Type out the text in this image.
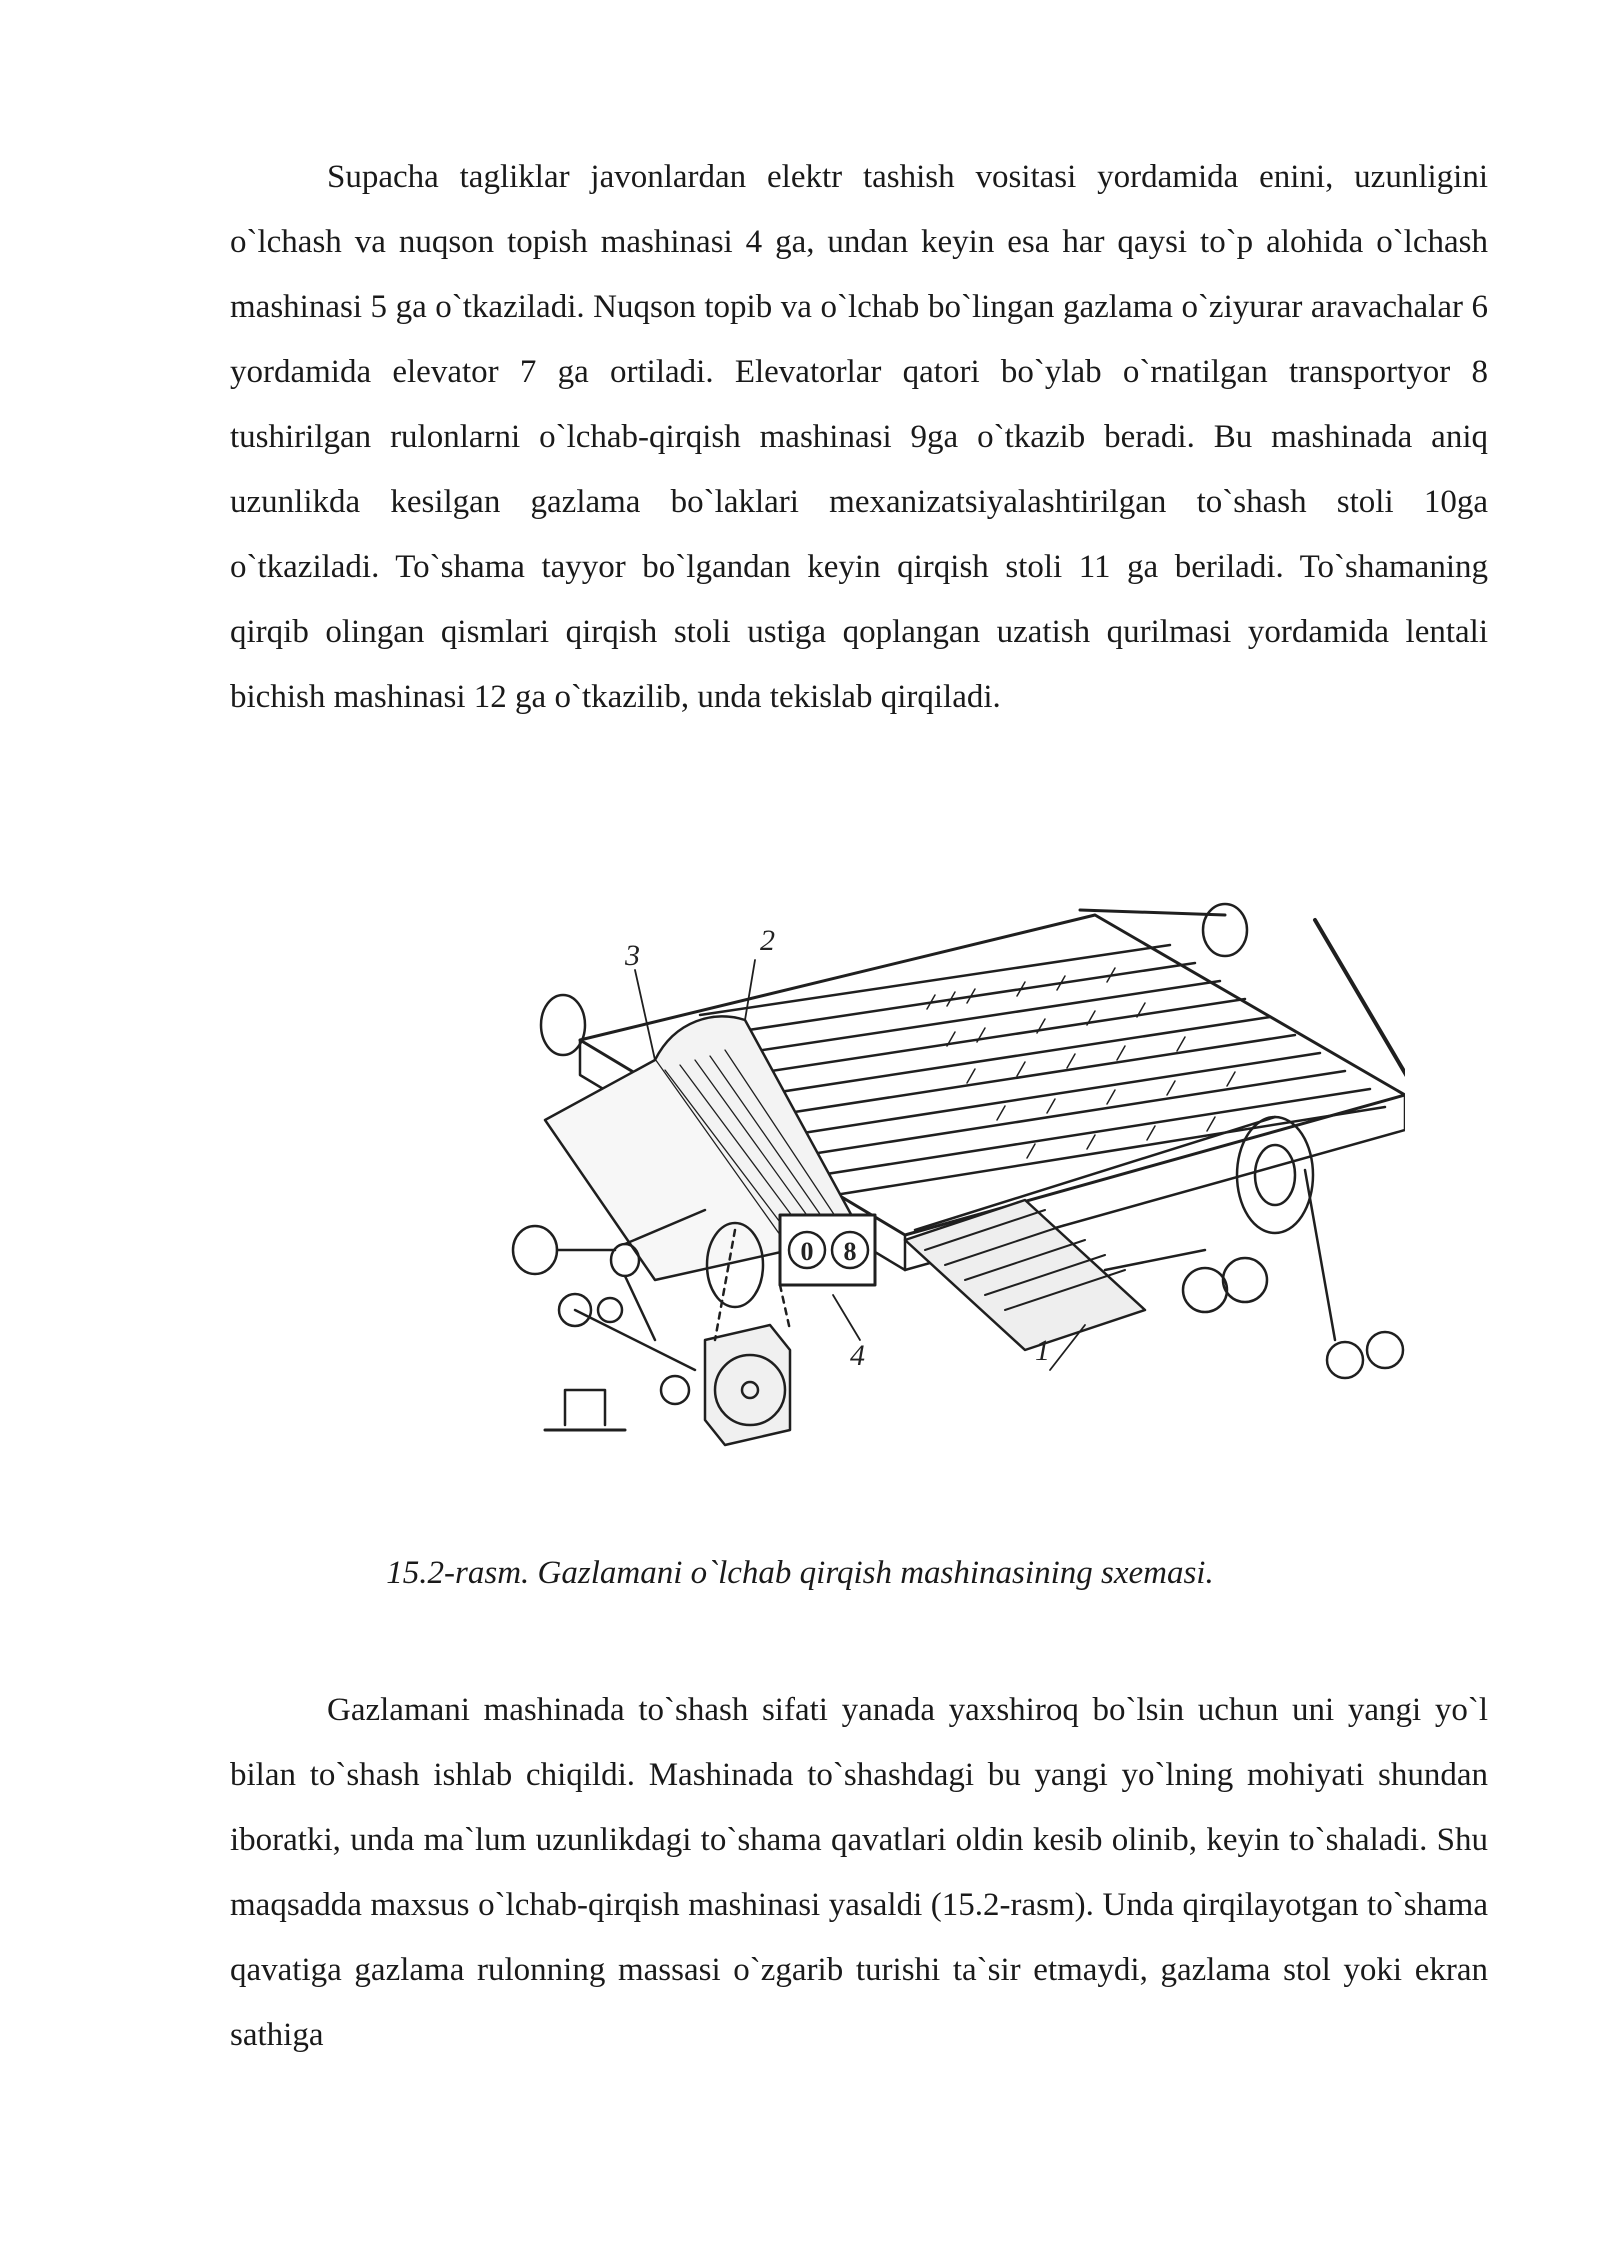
Supacha tagliklar javonlardan elektr tashish vositasi yordamida enini, uzunligini o`lchash va nuqson topish mashinasi 4 ga, undan keyin esa har qaysi to`p alohida o`lchash mashinasi 5 ga o`tkaziladi. Nuqson topib va o`lchab bo`lingan gazlama o`ziyurar aravachalar 6 yordamida elevator 7 ga ortiladi. Elevatorlar qatori bo`ylab o`rnatilgan transportyor 8 tushirilgan rulonlarni o`lchab-qirqish mashinasi 9ga o`tkazib beradi. Bu mashinada aniq uzunlikda kesilgan gazlama bo`laklari mexanizatsiyalashtirilgan to`shash stoli 10ga o`tkaziladi. To`shama tayyor bo`lgandan keyin qirqish stoli 11 ga beriladi. To`shamaning qirqib olingan qismlari qirqish stoli ustiga qoplangan uzatish qurilmasi yordamida lentali bichish mashinasi 12 ga o`tkazilib, unda tekislab qirqiladi.

0 8
3	2
4	1

15.2-rasm. Gazlamani o`lchab qirqish mashinasining sxemasi.

Gazlamani mashinada to`shash sifati yanada yaxshiroq bo`lsin uchun uni yangi yo`l bilan to`shash ishlab chiqildi. Mashinada to`shashdagi bu yangi yo`lning mohiyati shundan iboratki, unda ma`lum uzunlikdagi to`shama qavatlari oldin kesib olinib, keyin to`shaladi. Shu maqsadda maxsus o`lchab-qirqish mashinasi yasaldi (15.2-rasm). Unda qirqilayotgan to`shama qavatiga gazlama rulonning massasi o`zgarib turishi ta`sir etmaydi, gazlama stol yoki ekran sathiga
